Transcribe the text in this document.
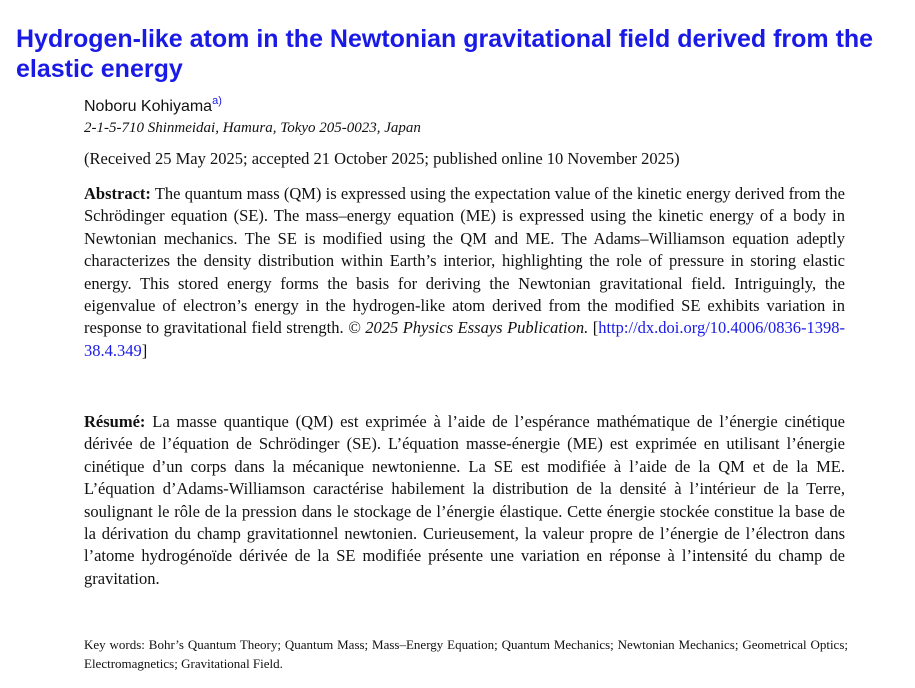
Hydrogen-like atom in the Newtonian gravitational field derived from the elastic energy
Noboru Kohiyama$^{a)}$
2-1-5-710 Shinmeidai, Hamura, Tokyo 205-0023, Japan
(Received 25 May 2025; accepted 21 October 2025; published online 10 November 2025)

Abstract: The quantum mass (QM) is expressed using the expectation value of the kinetic energy derived from the Schrödinger equation (SE). The mass–energy equation (ME) is expressed using the kinetic energy of a body in Newtonian mechanics. The SE is modified using the QM and ME. The Adams–Williamson equation adeptly characterizes the density distribution within Earth’s interior, highlighting the role of pressure in storing elastic energy. This stored energy forms the basis for deriving the Newtonian gravitational field. Intriguingly, the eigenvalue of electron’s energy in the hydrogen-like atom derived from the modified SE exhibits variation in response to gravitational field strength. © 2025 Physics Essays Publication. [http://dx.doi.org/10.4006/0836-1398-38.4.349]

Résumé: La masse quantique (QM) est exprimée à l’aide de l’espérance mathématique de l’énergie cinétique dérivée de l’équation de Schrödinger (SE). L’équation masse-énergie (ME) est exprimée en utilisant l’énergie cinétique d’un corps dans la mécanique newtonienne. La SE est modifiée à l’aide de la QM et de la ME. L’équation d’Adams-Williamson caractérise habilement la distribution de la densité à l’intérieur de la Terre, soulignant le rôle de la pression dans le stockage de l’énergie élastique. Cette énergie stockée constitue la base de la dérivation du champ gravitationnel newtonien. Curieusement, la valeur propre de l’énergie de l’électron dans l’atome hydrogénoïde dérivée de la SE modifiée présente une variation en réponse à l’intensité du champ de gravitation.

Key words: Bohr’s Quantum Theory; Quantum Mass; Mass–Energy Equation; Quantum Mechanics; Newtonian Mechanics; Geometrical Optics; Electromagnetics; Gravitational Field.
